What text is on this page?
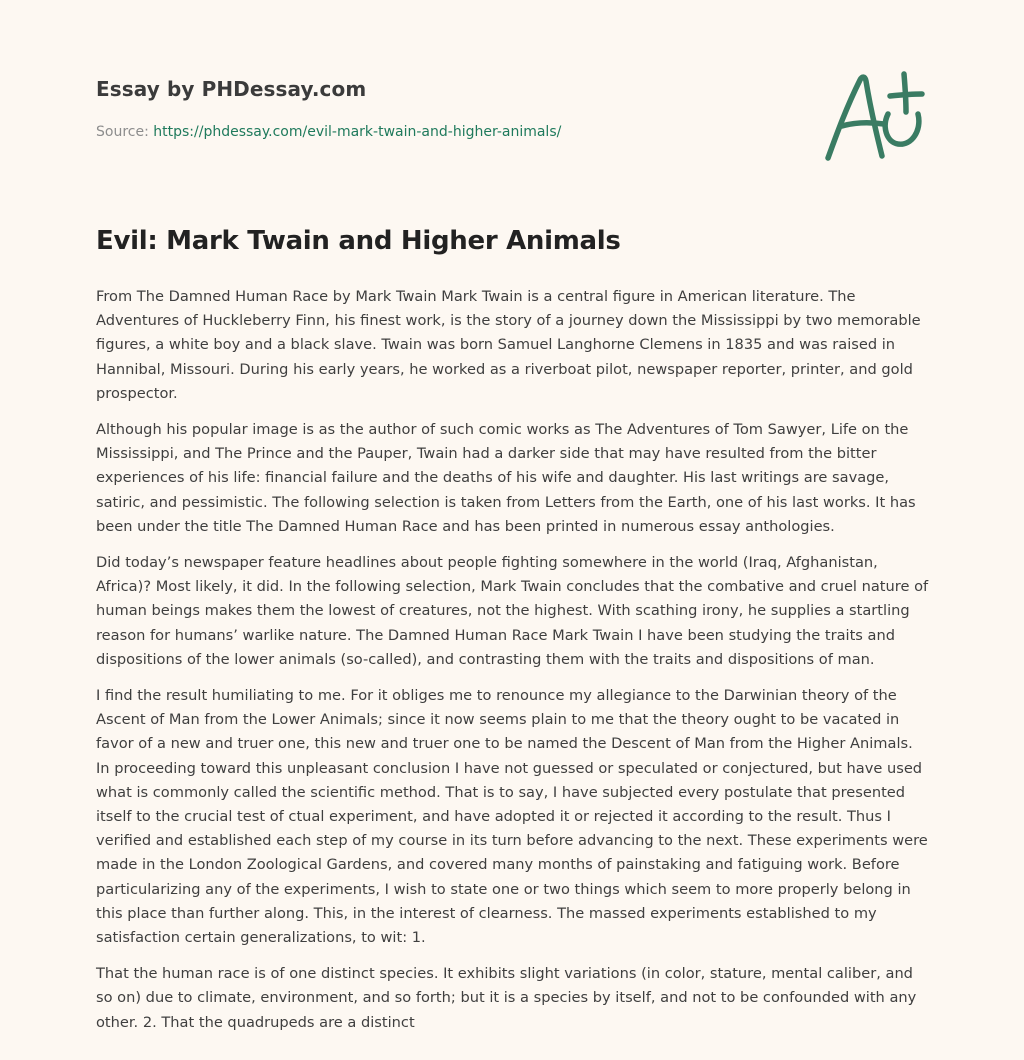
Essay by PHDessay.com
Source: https://phdessay.com/evil-mark-twain-and-higher-animals/
Evil: Mark Twain and Higher Animals

From The Damned Human Race by Mark Twain Mark Twain is a central figure in American literature. The Adventures of Huckleberry Finn, his finest work, is the story of a journey down the Mississippi by two memorable figures, a white boy and a black slave. Twain was born Samuel Langhorne Clemens in 1835 and was raised in Hannibal, Missouri. During his early years, he worked as a riverboat pilot, newspaper reporter, printer, and gold prospector.

Although his popular image is as the author of such comic works as The Adventures of Tom Sawyer, Life on the Mississippi, and The Prince and the Pauper, Twain had a darker side that may have resulted from the bitter experiences of his life: financial failure and the deaths of his wife and daughter. His last writings are savage, satiric, and pessimistic. The following selection is taken from Letters from the Earth, one of his last works. It has been under the title The Damned Human Race and has been printed in numerous essay anthologies.

Did today’s newspaper feature headlines about people fighting somewhere in the world (Iraq, Afghanistan, Africa)? Most likely, it did. In the following selection, Mark Twain concludes that the combative and cruel nature of human beings makes them the lowest of creatures, not the highest. With scathing irony, he supplies a startling reason for humans’ warlike nature. The Damned Human Race Mark Twain I have been studying the traits and dispositions of the lower animals (so-called), and contrasting them with the traits and dispositions of man.

I find the result humiliating to me. For it obliges me to renounce my allegiance to the Darwinian theory of the Ascent of Man from the Lower Animals; since it now seems plain to me that the theory ought to be vacated in favor of a new and truer one, this new and truer one to be named the Descent of Man from the Higher Animals. In proceeding toward this unpleasant conclusion I have not guessed or speculated or conjectured, but have used what is commonly called the scientific method. That is to say, I have subjected every postulate that presented itself to the crucial test of ctual experiment, and have adopted it or rejected it according to the result. Thus I verified and established each step of my course in its turn before advancing to the next. These experiments were made in the London Zoological Gardens, and covered many months of painstaking and fatiguing work. Before particularizing any of the experiments, I wish to state one or two things which seem to more properly belong in this place than further along. This, in the interest of clearness. The massed experiments established to my satisfaction certain generalizations, to wit: 1.

That the human race is of one distinct species. It exhibits slight variations (in color, stature, mental caliber, and so on) due to climate, environment, and so forth; but it is a species by itself, and not to be confounded with any other. 2. That the quadrupeds are a distinct
